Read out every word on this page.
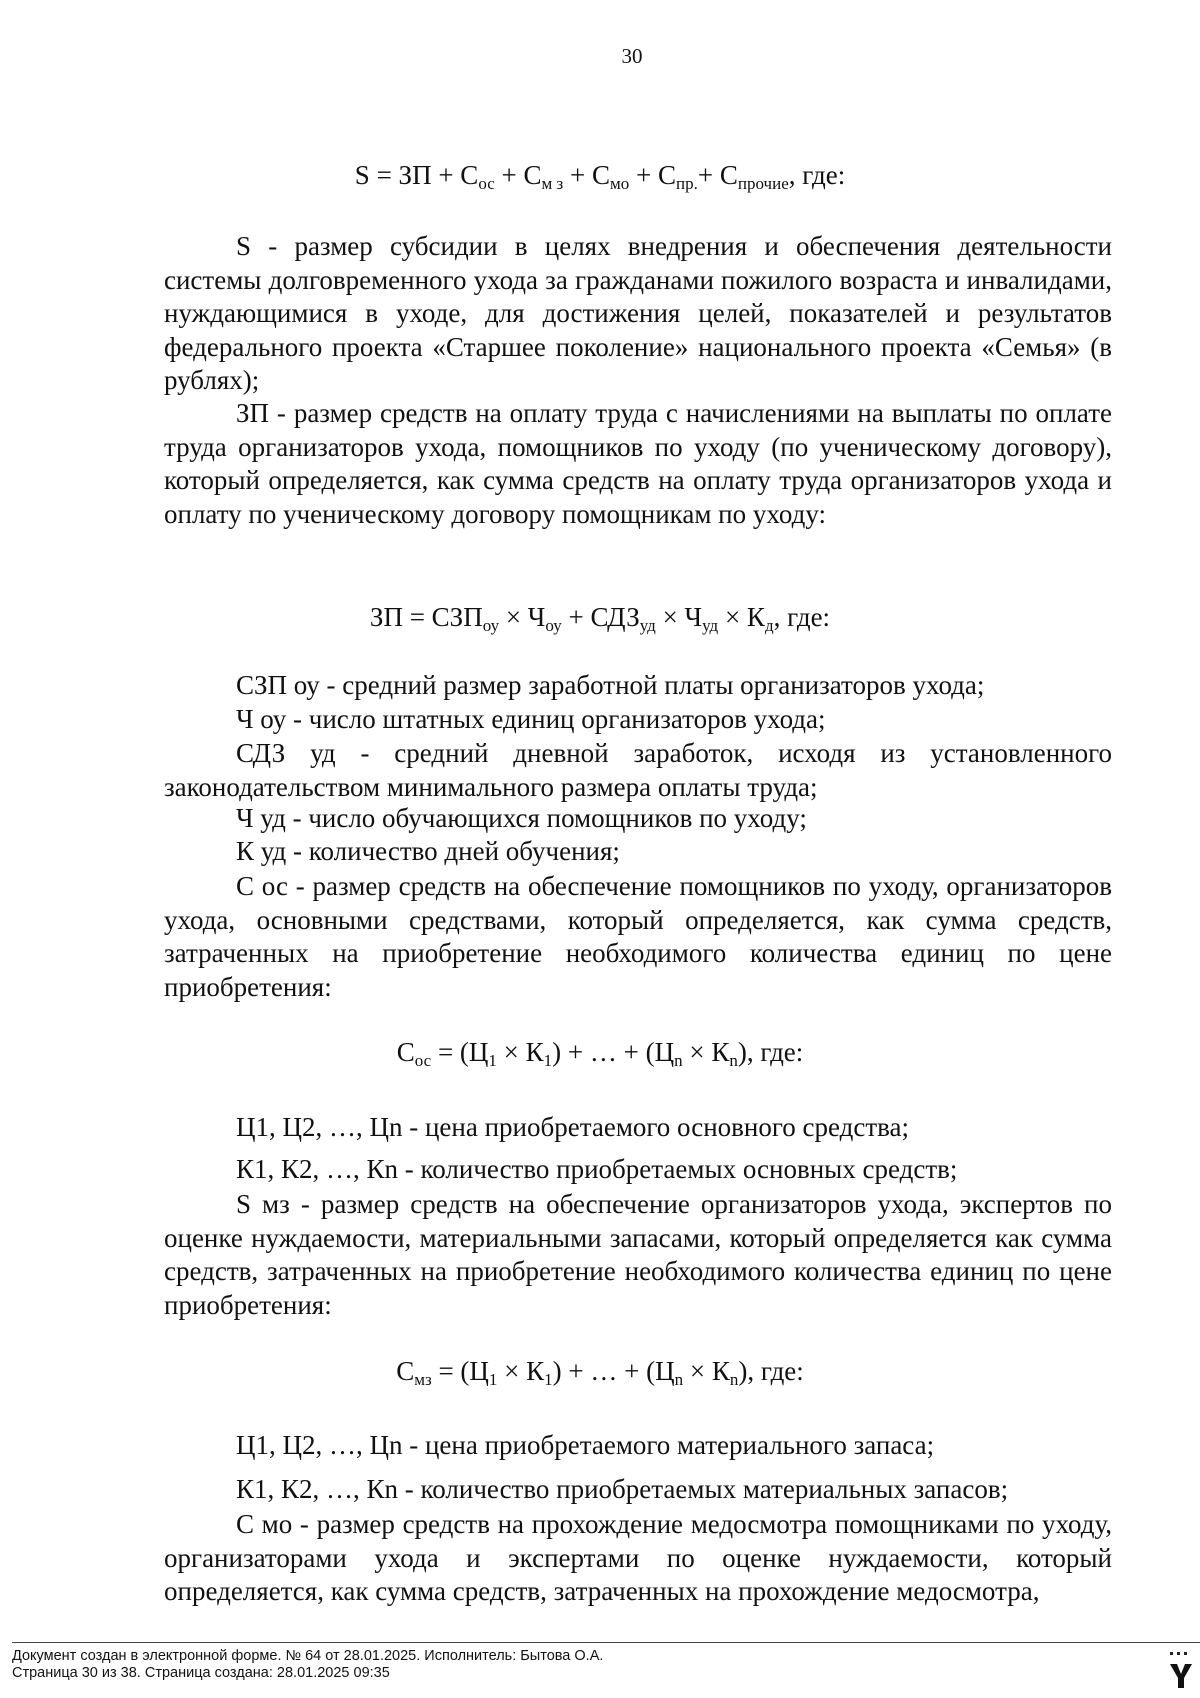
30
S = ЗП + $С_{ос} + С_{м з} + С_{мо} + С_{пр.}+ С_{прочие}$, где:

S - размер субсидии в целях внедрения и обеспечения деятельности системы долговременного ухода за гражданами пожилого возраста и инвалидами, нуждающимися в уходе, для достижения целей, показателей и результатов федерального проекта «Старшее поколение» национального проекта «Семья» (в рублях);

ЗП - размер средств на оплату труда с начислениями на выплаты по оплате труда организаторов ухода, помощников по уходу (по ученическому договору), который определяется, как сумма средств на оплату труда организаторов ухода и оплату по ученическому договору помощникам по уходу:

ЗП = $СЗП_{оу} \times Ч_{оу} + СДЗ_{уд} \times Ч_{уд} \times К_д$, где:
СЗП оу - средний размер заработной платы организаторов ухода;
Ч оу - число штатных единиц организаторов ухода;

СДЗ уд - средний дневной заработок, исходя из установленного законодательством минимального размера оплаты труда;

Ч уд - число обучающихся помощников по уходу;
К уд - количество дней обучения;

С ос - размер средств на обеспечение помощников по уходу, организаторов ухода, основными средствами, который определяется, как сумма средств, затраченных на приобретение необходимого количества единиц по цене приобретения:

$С_{ос} = (Ц_1 \times К_1)$ + … + $(Ц_n \times К_n)$, где:
Ц1, Ц2, …, Цn - цена приобретаемого основного средства;
К1, К2, …, Кn - количество приобретаемых основных средств;

S мз - размер средств на обеспечение организаторов ухода, экспертов по оценке нуждаемости, материальными запасами, который определяется как сумма средств, затраченных на приобретение необходимого количества единиц по цене приобретения:

$С_{мз} = (Ц_1 \times К_1)$ + … + $(Ц_n \times К_n)$, где:
Ц1, Ц2, …, Цn - цена приобретаемого материального запаса;
К1, К2, …, Кn - количество приобретаемых материальных запасов;

С мо - размер средств на прохождение медосмотра помощниками по уходу, организаторами ухода и экспертами по оценке нуждаемости, который определяется, как сумма средств, затраченных на прохождение медосмотра,

Документ создан в электронной форме. № 64 от 28.01.2025. Исполнитель: Бытова О.А.
Страница 30 из 38. Страница создана: 28.01.2025 09:35
